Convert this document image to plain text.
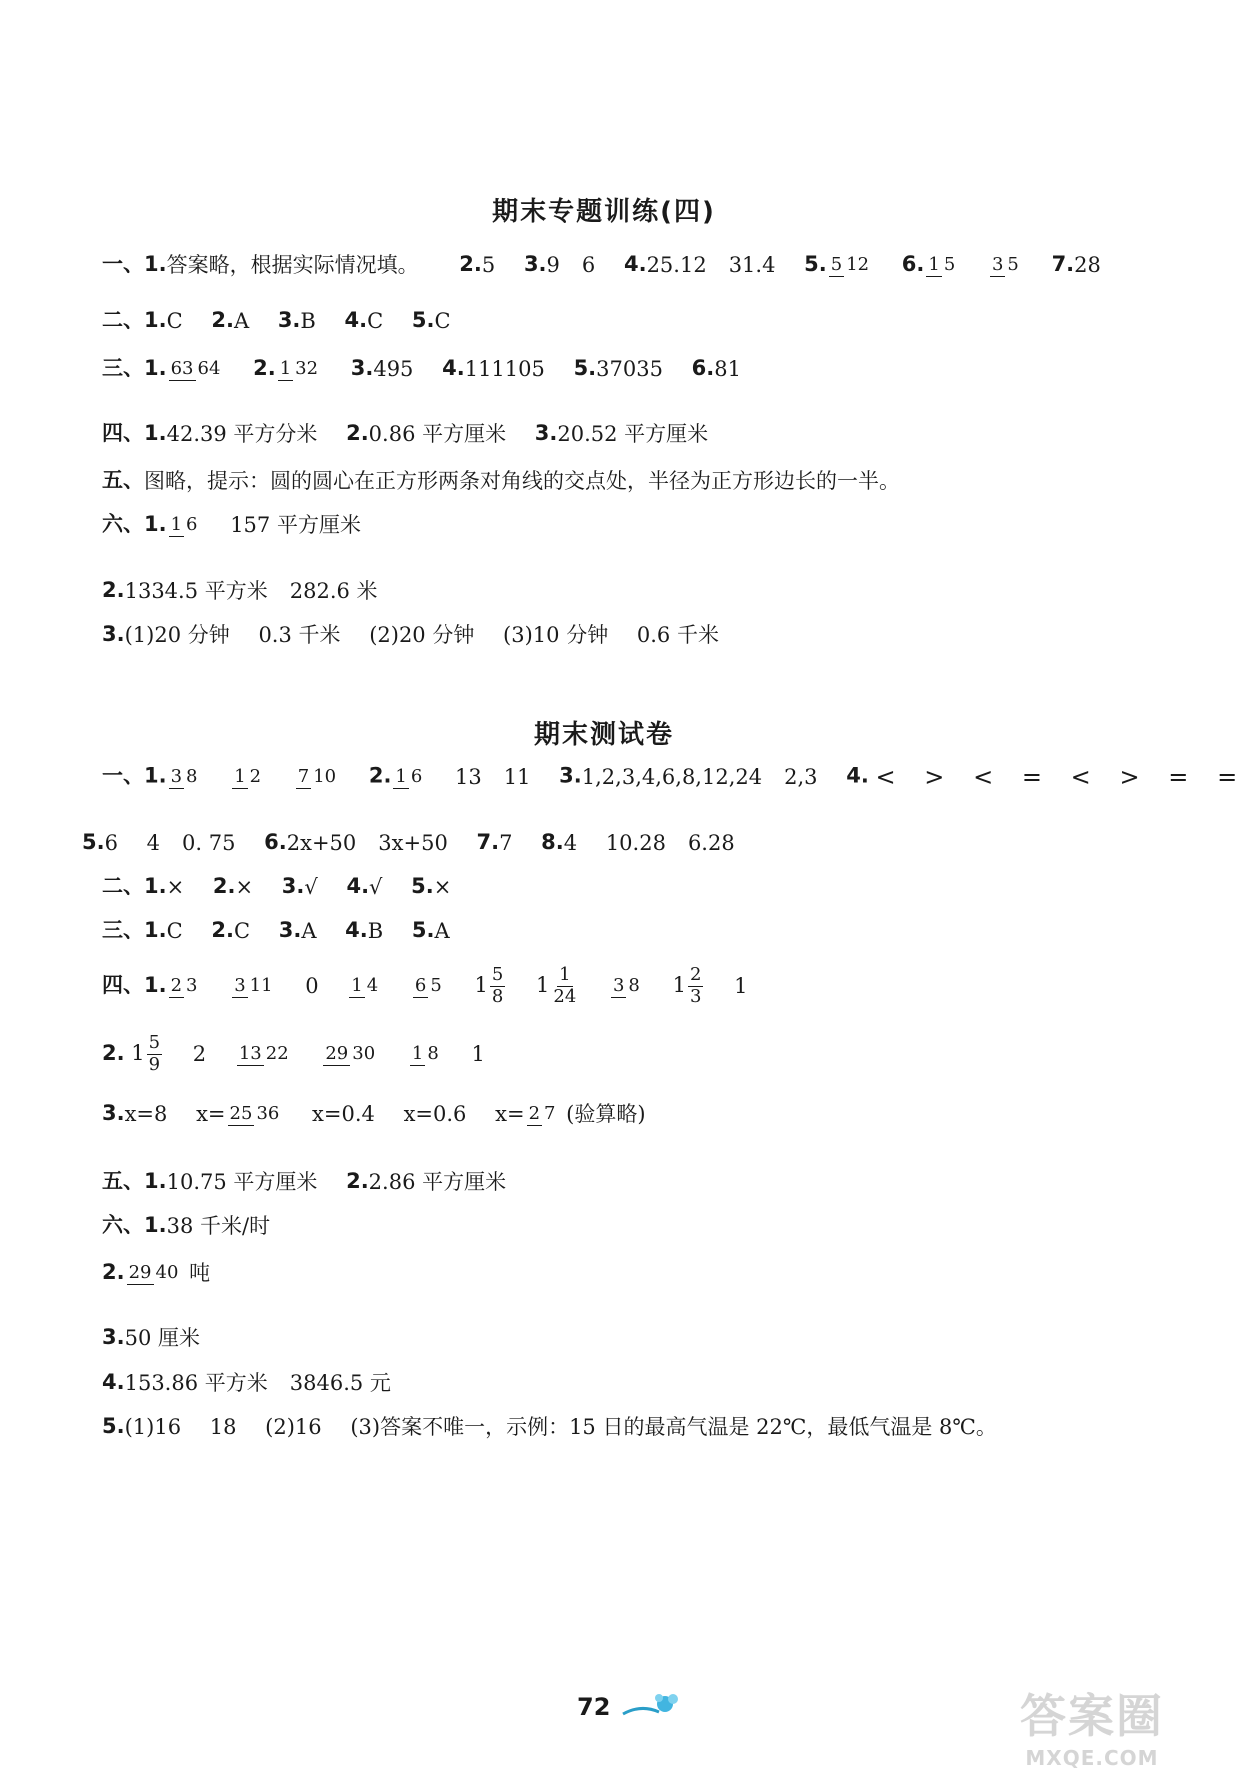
期末专题训练(四)
一、1.答案略，根据实际情况填。 2.5 3.9 6 4.25.12 31.4 5. 5 12 6. 1 5 3 5 7.28
二、1.C 2.A 3.B 4.C 5.C
三、1. 63 64 2. 1 32 3.495 4.111105 5.37035 6.81
四、1.42.39 平方分米 2.0.86 平方厘米 3.20.52 平方厘米
五、图略，提示：圆的圆心在正方形两条对角线的交点处，半径为正方形边长的一半。
六、1. 1 6 157 平方厘米
2.1334.5 平方米 282.6 米
3.(1)20 分钟 0.3 千米 (2)20 分钟 (3)10 分钟 0.6 千米
期末测试卷
一、1. 3 8 1 2 7 10 2. 1 6 13 11 3.1,2,3,4,6,8,12,24 2,3 4. < > < = < > = =
5.6 4 0. 75 6.2x+50 3x+50 7.7 8.4 10.28 6.28
二、1.× 2.× 3.√ 4.√ 5.×
三、1.C 2.C 3.A 4.B 5.A
四、1. 2 3 3 11 0 1 4 6 5 $1 \frac{5}{8} 1 \frac{1}{24} 3$ 8 $1 \frac{2}{3} 1$
2. $1 \frac{5}{9} 2$ 13 22 29 30 1 8 1
3.x=8 x= 25 36 x=0.4 x=0.6 x= 2 7 (验算略)
五、1.10.75 平方厘米 2.2.86 平方厘米
六、1.38 千米/时
2. 29 40 吨
3.50 厘米
4.153.86 平方米 3846.5 元
5.(1)16 18 (2)16 (3)答案不唯一，示例：15 日的最高气温是 22℃，最低气温是 8℃。
72	答案圈
MXQE.COM
